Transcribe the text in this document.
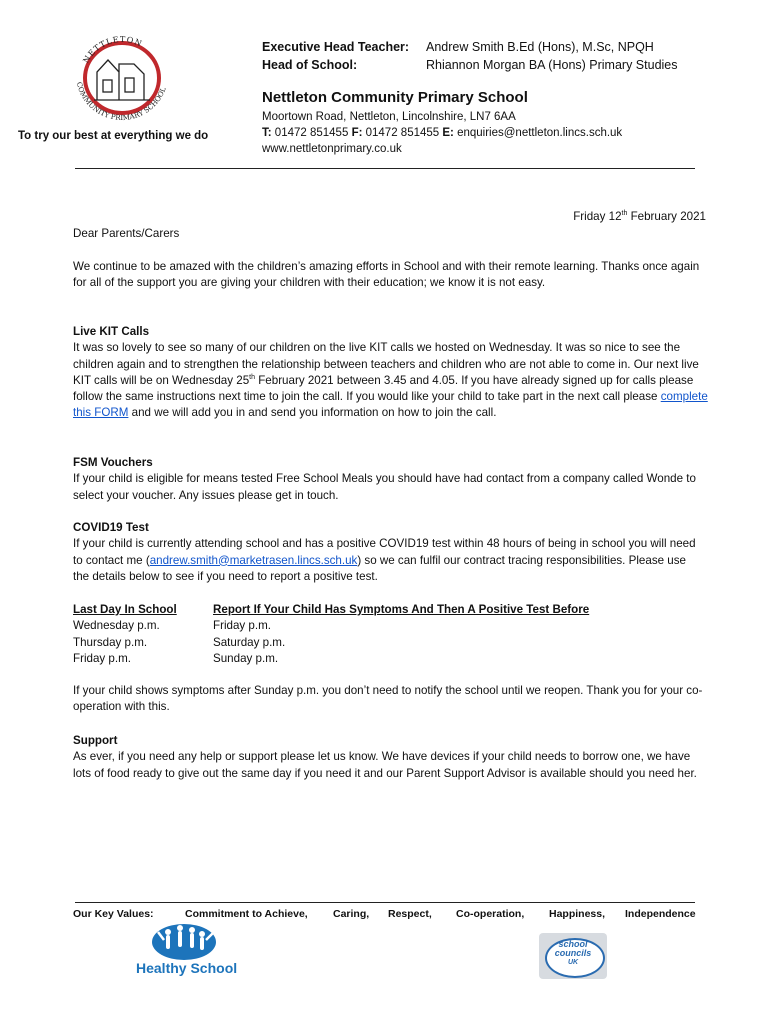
NETTLETON
COMMUNITY PRIMARY SCHOOL
To try our best at everything we do
Executive Head Teacher: Andrew Smith B.Ed (Hons), M.Sc, NPQH
Head of School:	Rhiannon Morgan BA (Hons) Primary Studies
Nettleton Community Primary School
Moortown Road, Nettleton, Lincolnshire, LN7 6AA
T: 01472 851455 F: 01472 851455 E: enquiries@nettleton.lincs.sch.uk
www.nettletonprimary.co.uk
Friday 12th February 2021
Dear Parents/Carers
We continue to be amazed with the children’s amazing efforts in School and with their remote learning. Thanks once again for all of the support you are giving your children with their education; we know it is not easy.
Live KIT Calls
It was so lovely to see so many of our children on the live KIT calls we hosted on Wednesday. It was so nice to see the children again and to strengthen the relationship between teachers and children who are not able to come in. Our next live KIT calls will be on Wednesday 25th February 2021 between 3.45 and 4.05. If you have already signed up for calls please follow the same instructions next time to join the call. If you would like your child to take part in the next call please complete this FORM and we will add you in and send you information on how to join the call.
FSM Vouchers
If your child is eligible for means tested Free School Meals you should have had contact from a company called Wonde to select your voucher. Any issues please get in touch.
COVID19 Test
If your child is currently attending school and has a positive COVID19 test within 48 hours of being in school you will need to contact me (andrew.smith@marketrasen.lincs.sch.uk) so we can fulfil our contract tracing responsibilities. Please use the details below to see if you need to report a positive test.
Last Day In School	Report If Your Child Has Symptoms And Then A Positive Test Before
Wednesday p.m.	Friday p.m.
Thursday p.m.	Saturday p.m.
Friday p.m.	Sunday p.m.
If your child shows symptoms after Sunday p.m. you don’t need to notify the school until we reopen. Thank you for your co-operation with this.
Support
As ever, if you need any help or support please let us know. We have devices if your child needs to borrow one, we have lots of food ready to give out the same day if you need it and our Parent Support Advisor is available should you need her.
Our Key Values:	Commitment to Achieve, Caring, Respect, Co-operation, Happiness, Independence
Healthy School
school
councils
UK
